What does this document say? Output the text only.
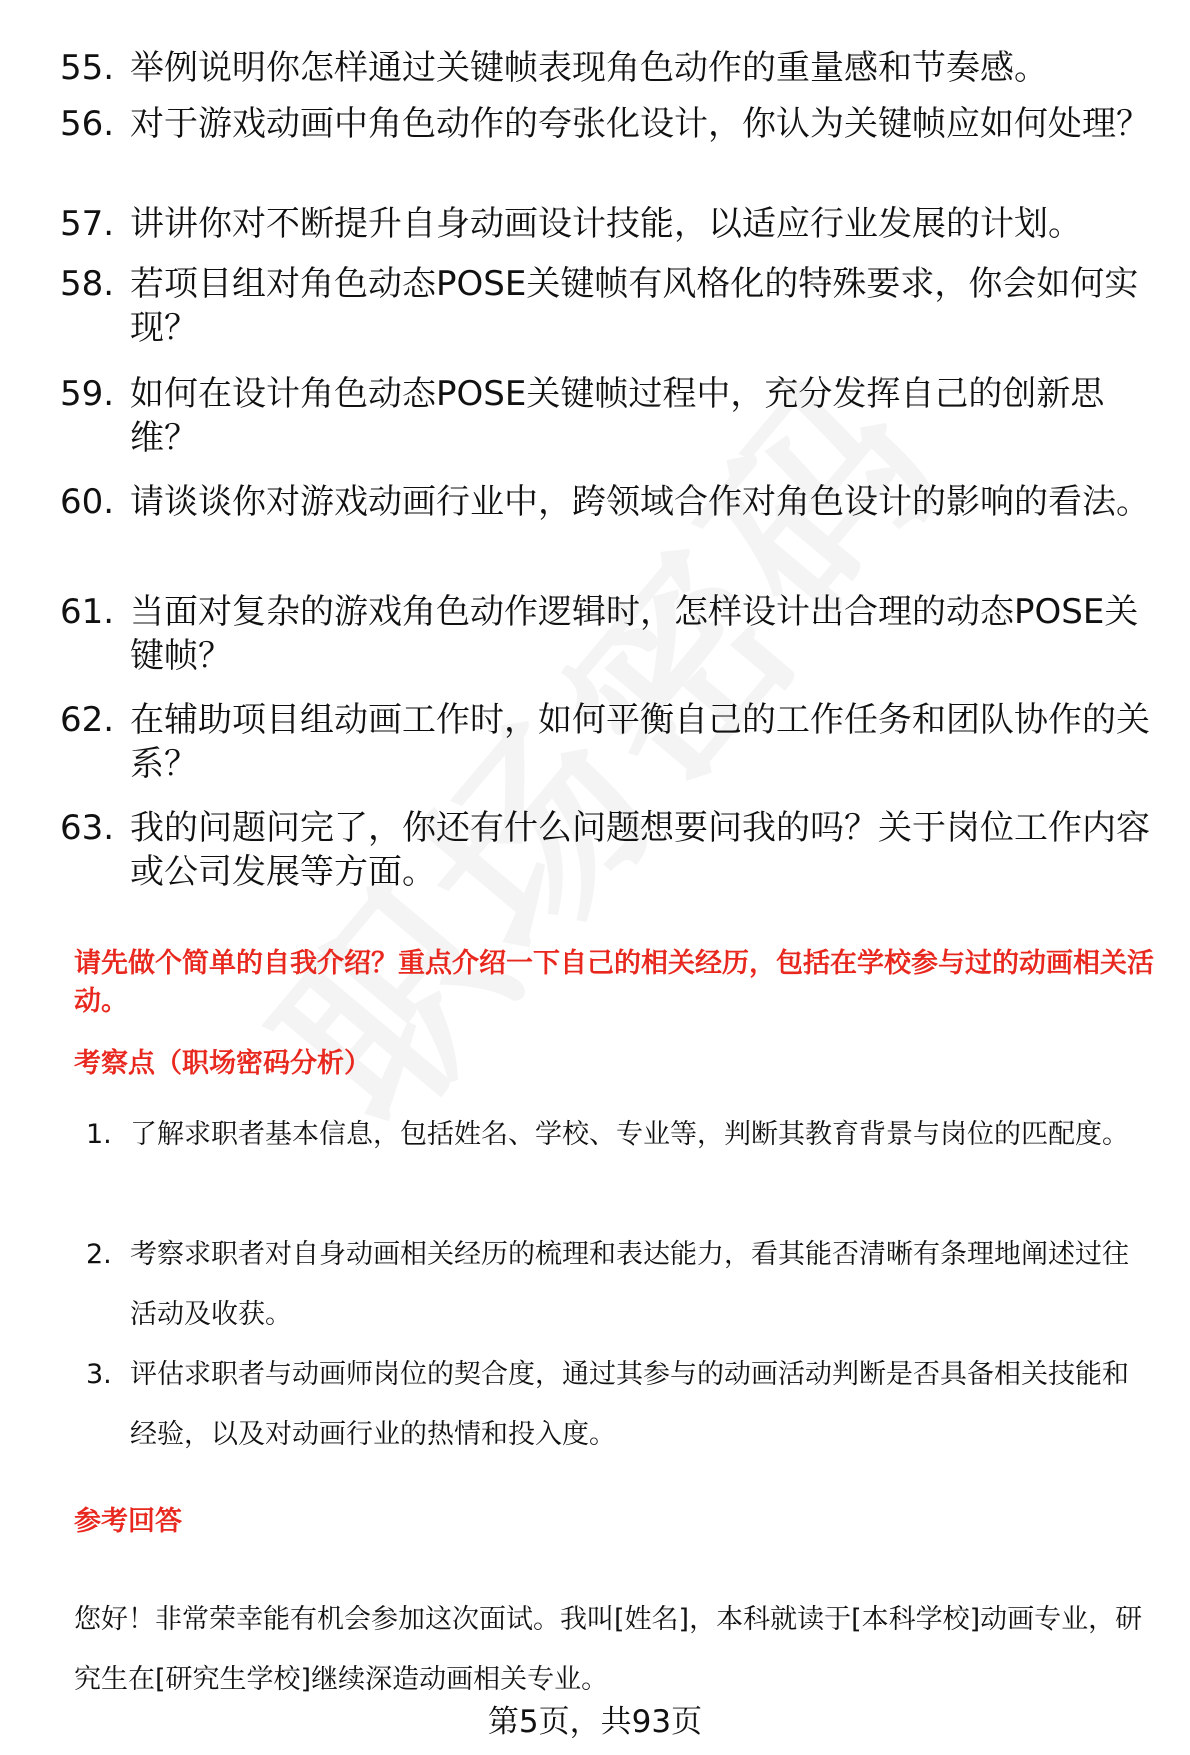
55. 举例说明你怎样通过关键帧表现角色动作的重量感和节奏感。
56. 对于游戏动画中角色动作的夸张化设计，你认为关键帧应如何处理？
57. 讲讲你对不断提升自身动画设计技能，以适应行业发展的计划。
58. 若项目组对角色动态POSE关键帧有风格化的特殊要求，你会如何实现？
59. 如何在设计角色动态POSE关键帧过程中，充分发挥自己的创新思维？
60. 请谈谈你对游戏动画行业中，跨领域合作对角色设计的影响的看法。
61. 当面对复杂的游戏角色动作逻辑时，怎样设计出合理的动态POSE关键帧？
62. 在辅助项目组动画工作时，如何平衡自己的工作任务和团队协作的关系？
63. 我的问题问完了，你还有什么问题想要问我的吗？关于岗位工作内容或公司发展等方面。
请先做个简单的自我介绍？重点介绍一下自己的相关经历，包括在学校参与过的动画相关活动。
考察点（职场密码分析）
1. 了解求职者基本信息，包括姓名、学校、专业等，判断其教育背景与岗位的匹配度。
2. 考察求职者对自身动画相关经历的梳理和表达能力，看其能否清晰有条理地阐述过往活动及收获。
3. 评估求职者与动画师岗位的契合度，通过其参与的动画活动判断是否具备相关技能和经验，以及对动画行业的热情和投入度。
参考回答
您好！非常荣幸能有机会参加这次面试。我叫[姓名]，本科就读于[本科学校]动画专业，研究生在[研究生学校]继续深造动画相关专业。
第5页，共93页
